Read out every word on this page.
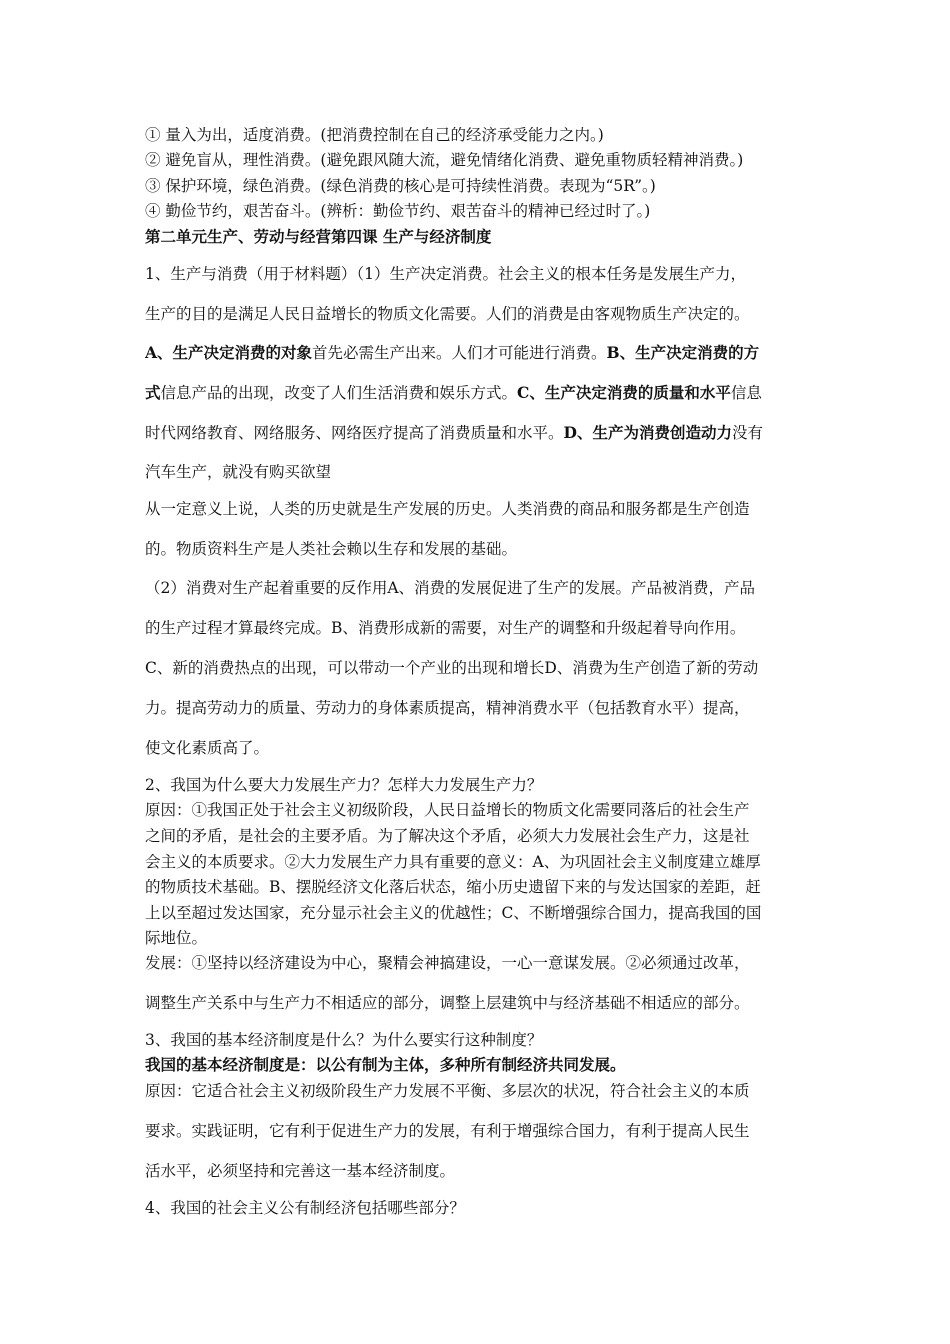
① 量入为出，适度消费。(把消费控制在自己的经济承受能力之内。)
② 避免盲从，理性消费。(避免跟风随大流，避免情绪化消费、避免重物质轻精神消费。)
③ 保护环境，绿色消费。(绿色消费的核心是可持续性消费。表现为“5R”。)
④ 勤俭节约，艰苦奋斗。(辨析：勤俭节约、艰苦奋斗的精神已经过时了。)
第二单元生产、劳动与经营第四课 生产与经济制度
1、生产与消费（用于材料题）（1）生产决定消费。社会主义的根本任务是发展生产力，
生产的目的是满足人民日益增长的物质文化需要。人们的消费是由客观物质生产决定的。
A、生产决定消费的对象首先必需生产出来。人们才可能进行消费。B、生产决定消费的方
式信息产品的出现，改变了人们生活消费和娱乐方式。C、生产决定消费的质量和水平信息
时代网络教育、网络服务、网络医疗提高了消费质量和水平。D、生产为消费创造动力没有
汽车生产，就没有购买欲望
从一定意义上说，人类的历史就是生产发展的历史。人类消费的商品和服务都是生产创造
的。物质资料生产是人类社会赖以生存和发展的基础。
（2）消费对生产起着重要的反作用A、消费的发展促进了生产的发展。产品被消费，产品
的生产过程才算最终完成。B、消费形成新的需要，对生产的调整和升级起着导向作用。
C、新的消费热点的出现，可以带动一个产业的出现和增长D、消费为生产创造了新的劳动
力。提高劳动力的质量、劳动力的身体素质提高，精神消费水平（包括教育水平）提高，
使文化素质高了。
2、我国为什么要大力发展生产力？怎样大力发展生产力？
原因：①我国正处于社会主义初级阶段，人民日益增长的物质文化需要同落后的社会生产
之间的矛盾，是社会的主要矛盾。为了解决这个矛盾，必须大力发展社会生产力，这是社
会主义的本质要求。②大力发展生产力具有重要的意义：A、为巩固社会主义制度建立雄厚
的物质技术基础。B、摆脱经济文化落后状态，缩小历史遗留下来的与发达国家的差距，赶
上以至超过发达国家，充分显示社会主义的优越性；C、不断增强综合国力，提高我国的国
际地位。
发展：①坚持以经济建设为中心，聚精会神搞建设，一心一意谋发展。②必须通过改革，
调整生产关系中与生产力不相适应的部分，调整上层建筑中与经济基础不相适应的部分。
3、我国的基本经济制度是什么？为什么要实行这种制度？
我国的基本经济制度是：以公有制为主体，多种所有制经济共同发展。
原因：它适合社会主义初级阶段生产力发展不平衡、多层次的状况，符合社会主义的本质
要求。实践证明，它有利于促进生产力的发展，有利于增强综合国力，有利于提高人民生
活水平，必须坚持和完善这一基本经济制度。
4、我国的社会主义公有制经济包括哪些部分？
